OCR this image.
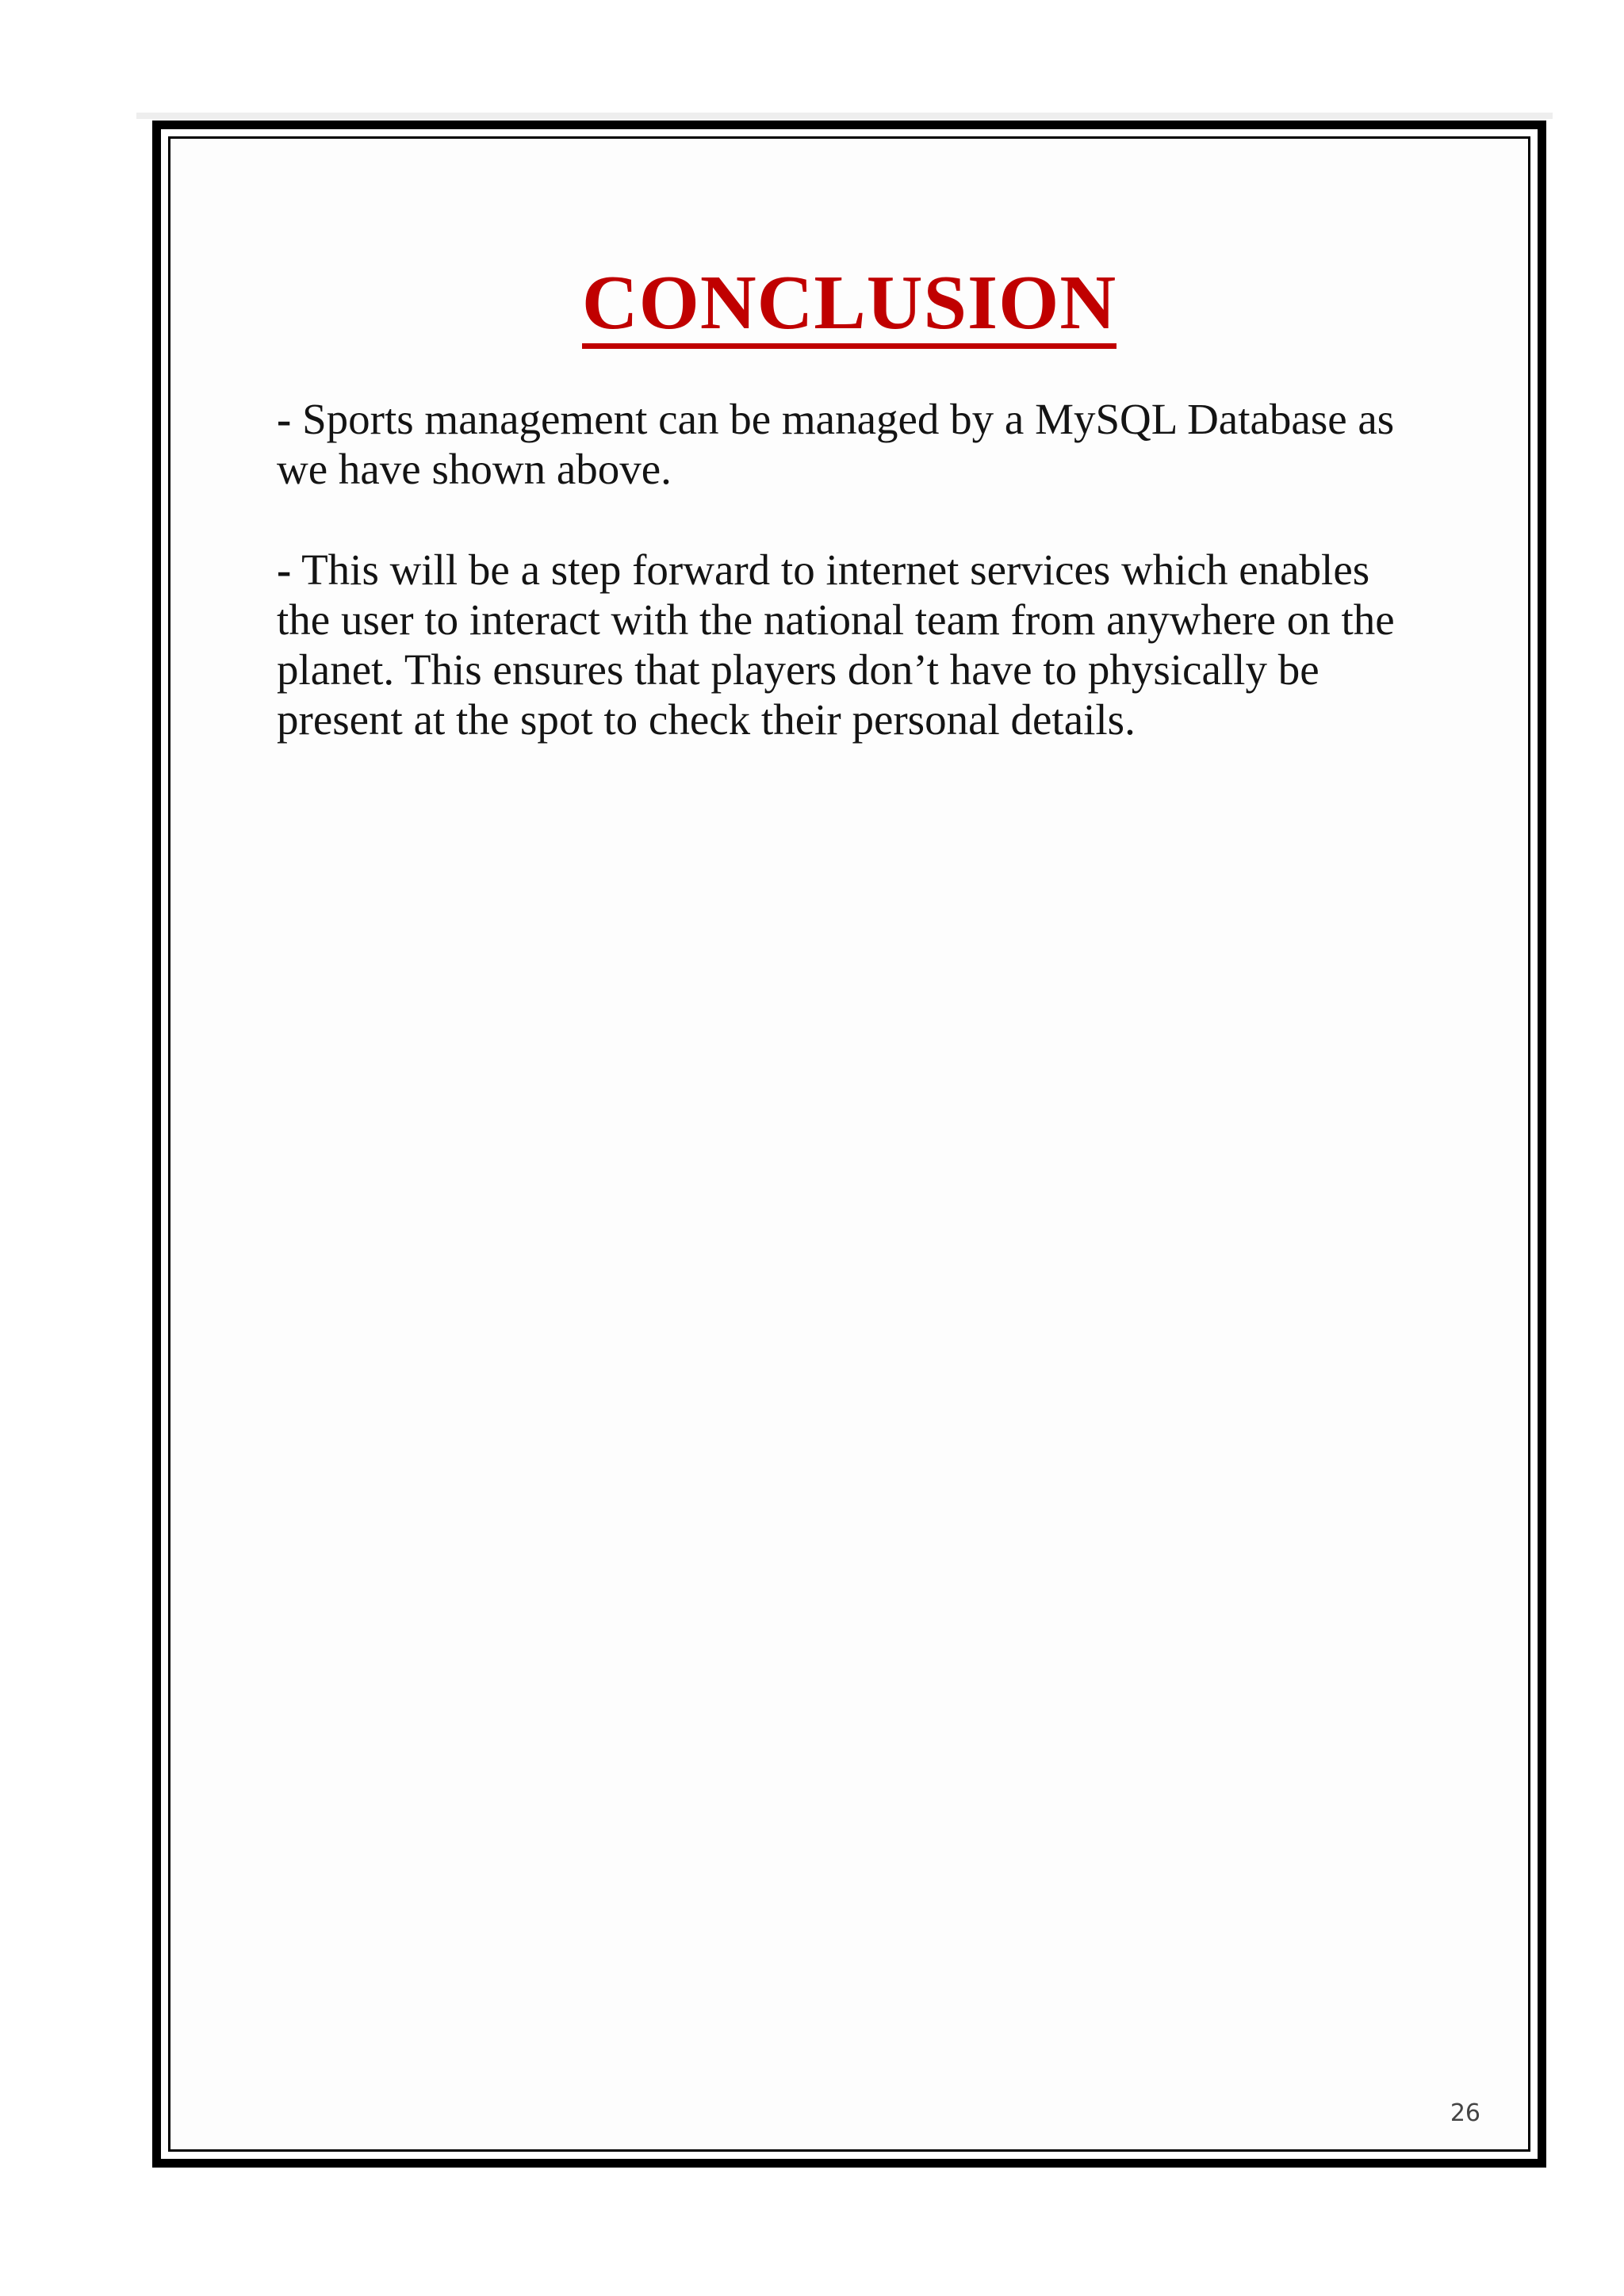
CONCLUSION

- Sports management can be managed by a MySQL Database as we have shown above.

- This will be a step forward to internet services which enables the user to interact with the national team from anywhere on the planet. This ensures that players don’t have to physically be present at the spot to check their personal details.

26
